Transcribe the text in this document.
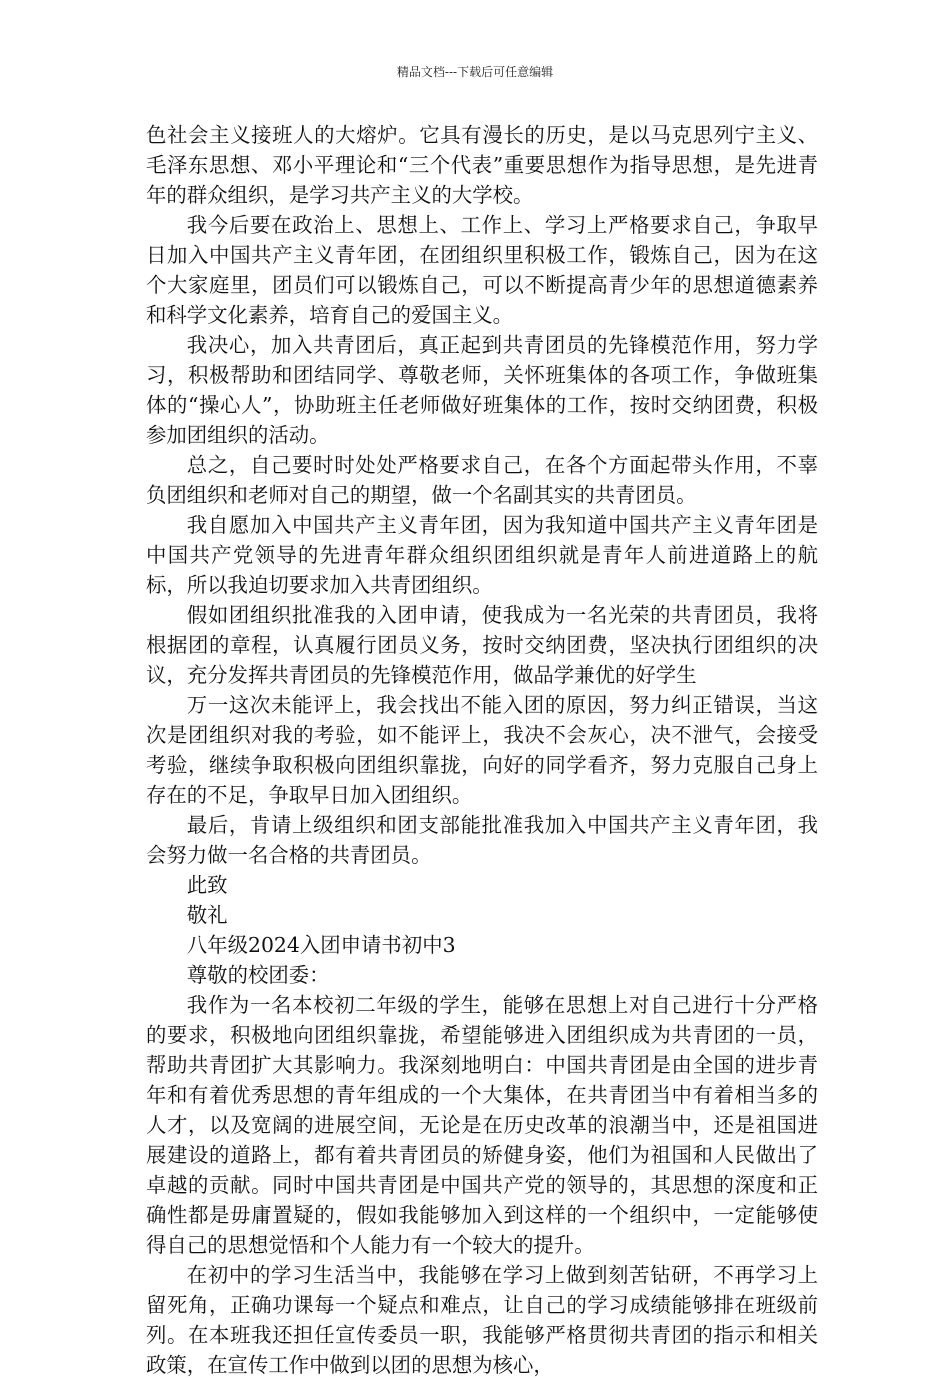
精品文档---下载后可任意编辑

色社会主义接班人的大熔炉。它具有漫长的历史，是以马克思列宁主义、毛泽东思想、邓小平理论和“三个代表”重要思想作为指导思想，是先进青年的群众组织，是学习共产主义的大学校。

我今后要在政治上、思想上、工作上、学习上严格要求自己，争取早日加入中国共产主义青年团，在团组织里积极工作，锻炼自己，因为在这个大家庭里，团员们可以锻炼自己，可以不断提高青少年的思想道德素养和科学文化素养，培育自己的爱国主义。

我决心，加入共青团后，真正起到共青团员的先锋模范作用，努力学习，积极帮助和团结同学、尊敬老师，关怀班集体的各项工作，争做班集体的“操心人”，协助班主任老师做好班集体的工作，按时交纳团费，积极参加团组织的活动。

总之，自己要时时处处严格要求自己，在各个方面起带头作用，不辜负团组织和老师对自己的期望，做一个名副其实的共青团员。

我自愿加入中国共产主义青年团，因为我知道中国共产主义青年团是中国共产党领导的先进青年群众组织团组织就是青年人前进道路上的航标，所以我迫切要求加入共青团组织。

假如团组织批准我的入团申请，使我成为一名光荣的共青团员，我将根据团的章程，认真履行团员义务，按时交纳团费，坚决执行团组织的决议，充分发挥共青团员的先锋模范作用，做品学兼优的好学生

万一这次未能评上，我会找出不能入团的原因，努力纠正错误，当这次是团组织对我的考验，如不能评上，我决不会灰心，决不泄气，会接受考验，继续争取积极向团组织靠拢，向好的同学看齐，努力克服自己身上存在的不足，争取早日加入团组织。

最后，肯请上级组织和团支部能批准我加入中国共产主义青年团，我会努力做一名合格的共青团员。

此致

敬礼

八年级2024入团申请书初中3

尊敬的校团委：

我作为一名本校初二年级的学生，能够在思想上对自己进行十分严格的要求，积极地向团组织靠拢，希望能够进入团组织成为共青团的一员，帮助共青团扩大其影响力。我深刻地明白：中国共青团是由全国的进步青年和有着优秀思想的青年组成的一个大集体，在共青团当中有着相当多的人才，以及宽阔的进展空间，无论是在历史改革的浪潮当中，还是祖国进展建设的道路上，都有着共青团员的矫健身姿，他们为祖国和人民做出了卓越的贡献。同时中国共青团是中国共产党的领导的，其思想的深度和正确性都是毋庸置疑的，假如我能够加入到这样的一个组织中，一定能够使得自己的思想觉悟和个人能力有一个较大的提升。

在初中的学习生活当中，我能够在学习上做到刻苦钻研，不再学习上留死角，正确功课每一个疑点和难点，让自己的学习成绩能够排在班级前列。在本班我还担任宣传委员一职，我能够严格贯彻共青团的指示和相关政策，在宣传工作中做到以团的思想为核心，
